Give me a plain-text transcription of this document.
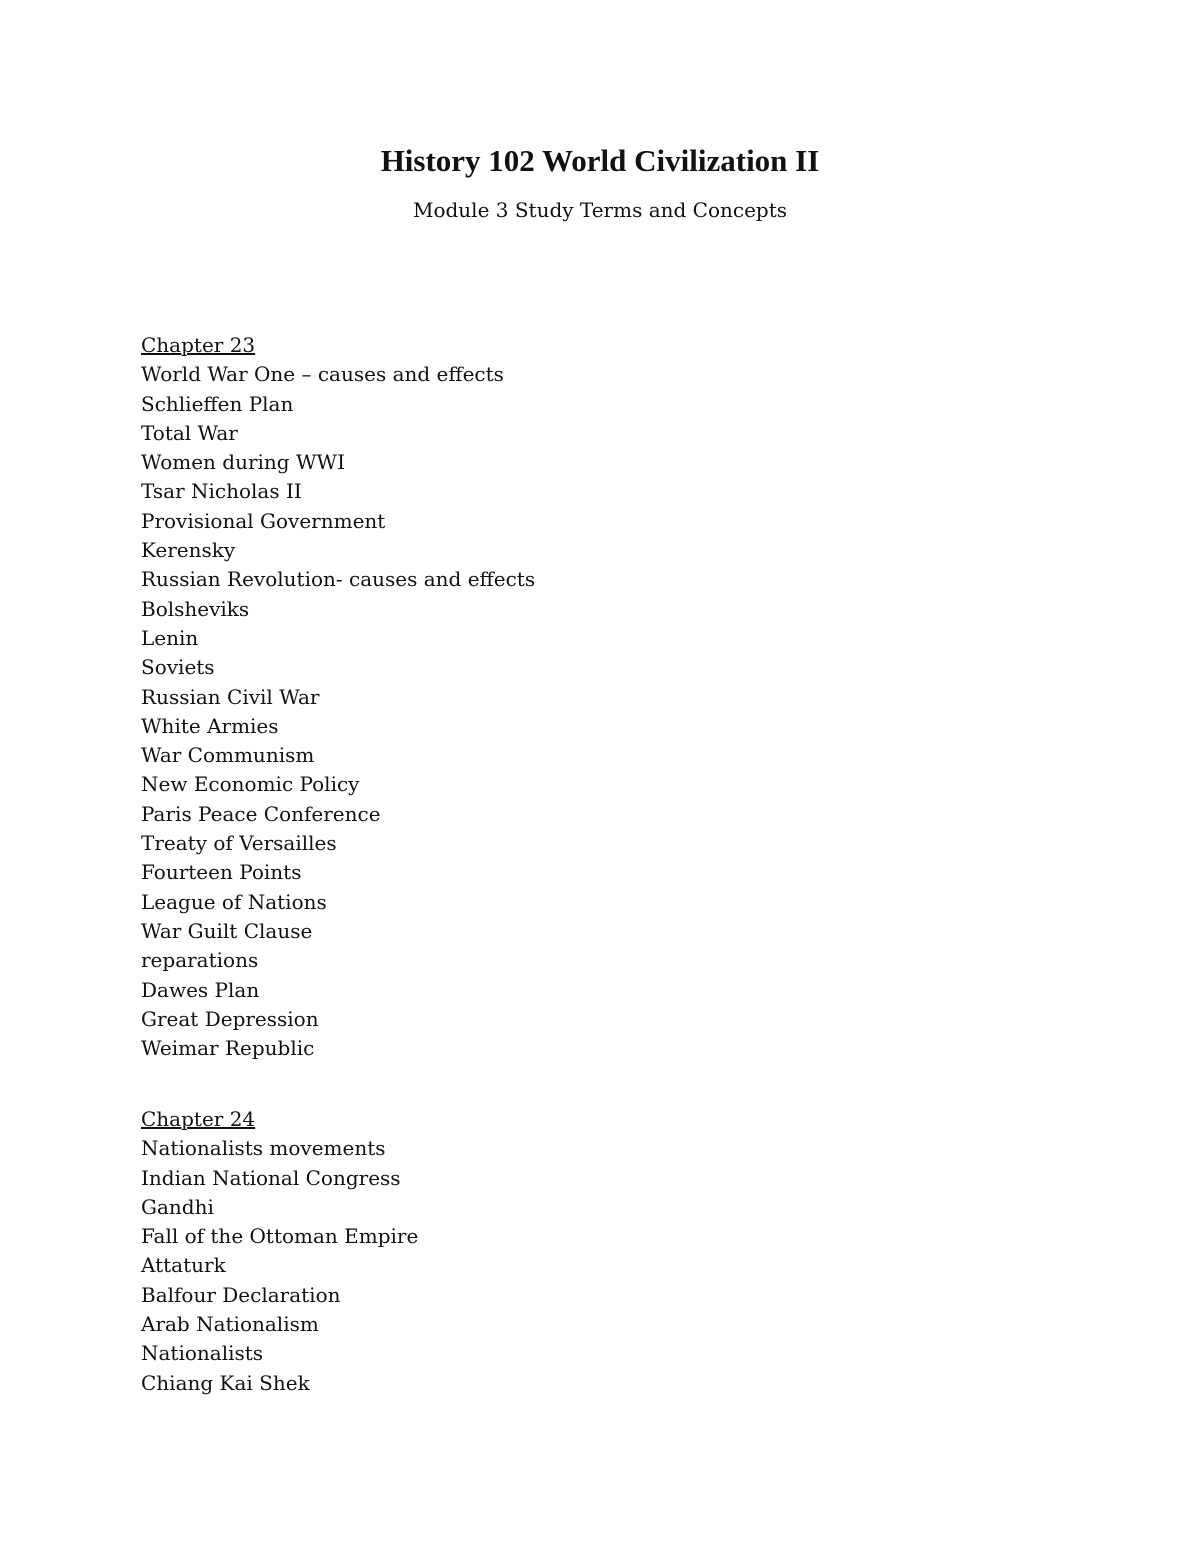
History 102 World Civilization II
Module 3 Study Terms and Concepts
Chapter 23
World War One – causes and effects
Schlieffen Plan
Total War
Women during WWI
Tsar Nicholas II
Provisional Government
Kerensky
Russian Revolution- causes and effects
Bolsheviks
Lenin
Soviets
Russian Civil War
White Armies
War Communism
New Economic Policy
Paris Peace Conference
Treaty of Versailles
Fourteen Points
League of Nations
War Guilt Clause
reparations
Dawes Plan
Great Depression
Weimar Republic
Chapter 24
Nationalists movements
Indian National Congress
Gandhi
Fall of the Ottoman Empire
Attaturk
Balfour Declaration
Arab Nationalism
Nationalists
Chiang Kai Shek
